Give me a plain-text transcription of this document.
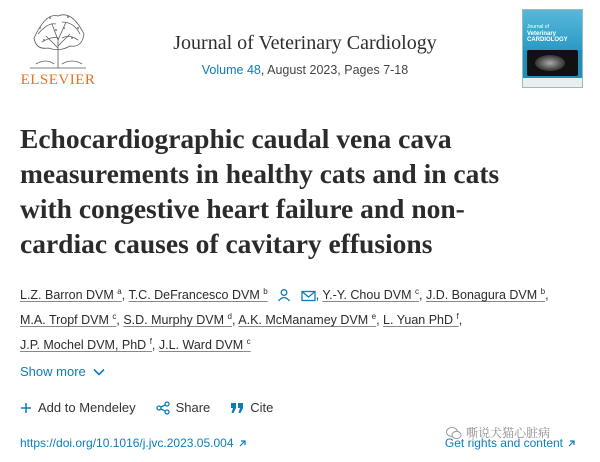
ELSEVIER
Journal of Veterinary Cardiology
Volume 48, August 2023, Pages 7-18
Journal of
Veterinary CARDIOLOGY
Echocardiographic caudal vena cava
measurements in healthy cats and in cats
with congestive heart failure and non-
cardiac causes of cavitary effusions
L.Z. Barron DVM $^a$, T.C. DeFrancesco DVM $^b$	, Y.-Y. Chou DVM $^c$, J.D. Bonagura DVM $^b$,
M.A. Tropf DVM $^c$, S.D. Murphy DVM $^d$, A.K. McManamey DVM $^e$, L. Yuan PhD $^f$,
J.P. Mochel DVM, PhD $^f$, J.L. Ward DVM $^c$
Show more
Add to Mendeley	Share	Cite
嘶说犬猫心脏病
https://doi.org/10.1016/j.jvc.2023.05.004	Get rights and content
